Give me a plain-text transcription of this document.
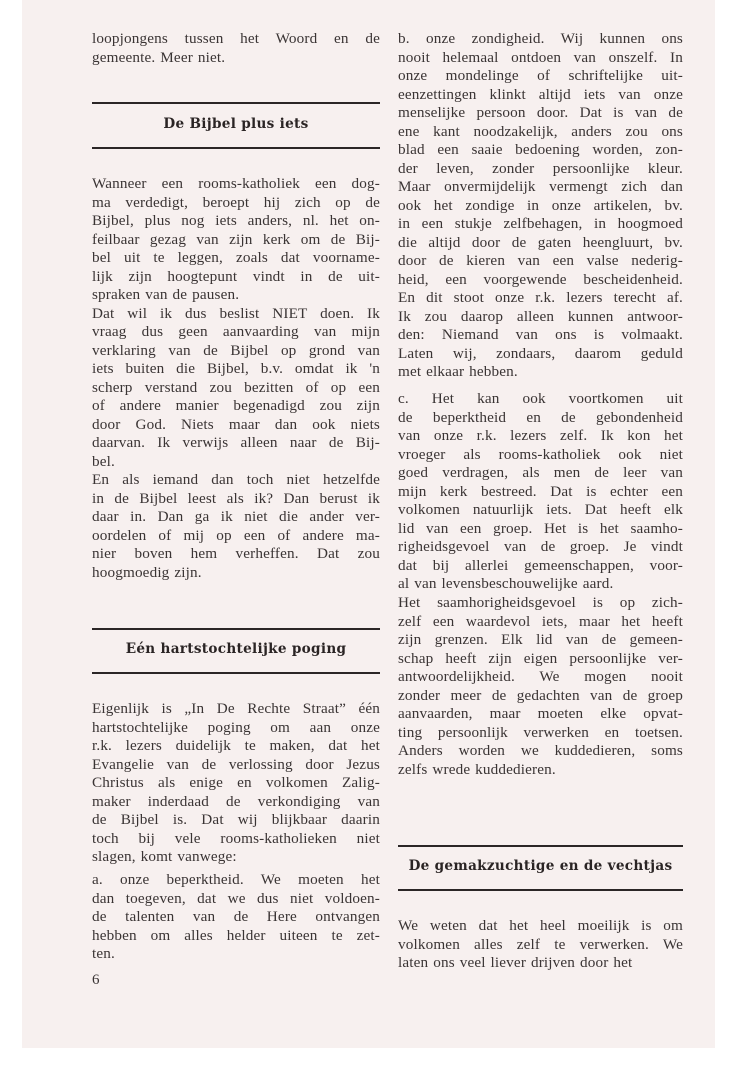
loopjongens tussen het Woord en de
gemeente. Meer niet.
De Bijbel plus iets
Wanneer een rooms-katholiek een dog-
ma verdedigt, beroept hij zich op de
Bijbel, plus nog iets anders, nl. het on-
feilbaar gezag van zijn kerk om de Bij-
bel uit te leggen, zoals dat voorname-
lijk zijn hoogtepunt vindt in de uit-
spraken van de pausen.
Dat wil ik dus beslist NIET doen. Ik
vraag dus geen aanvaarding van mijn
verklaring van de Bijbel op grond van
iets buiten die Bijbel, b.v. omdat ik 'n
scherp verstand zou bezitten of op een
of andere manier begenadigd zou zijn
door God. Niets maar dan ook niets
daarvan. Ik verwijs alleen naar de Bij-
bel.
En als iemand dan toch niet hetzelfde
in de Bijbel leest als ik? Dan berust ik
daar in. Dan ga ik niet die ander ver-
oordelen of mij op een of andere ma-
nier boven hem verheffen. Dat zou
hoogmoedig zijn.
Eén hartstochtelijke poging
Eigenlijk is „In De Rechte Straat” één
hartstochtelijke poging om aan onze
r.k. lezers duidelijk te maken, dat het
Evangelie van de verlossing door Jezus
Christus als enige en volkomen Zalig-
maker inderdaad de verkondiging van
de Bijbel is. Dat wij blijkbaar daarin
toch bij vele rooms-katholieken niet
slagen, komt vanwege:
a. onze beperktheid. We moeten het
dan toegeven, dat we dus niet voldoen-
de talenten van de Here ontvangen
hebben om alles helder uiteen te zet-
ten.
6
b. onze zondigheid. Wij kunnen ons
nooit helemaal ontdoen van onszelf. In
onze mondelinge of schriftelijke uit-
eenzettingen klinkt altijd iets van onze
menselijke persoon door. Dat is van de
ene kant noodzakelijk, anders zou ons
blad een saaie bedoening worden, zon-
der leven, zonder persoonlijke kleur.
Maar onvermijdelijk vermengt zich dan
ook het zondige in onze artikelen, bv.
in een stukje zelfbehagen, in hoogmoed
die altijd door de gaten heengluurt, bv.
door de kieren van een valse nederig-
heid, een voorgewende bescheidenheid.
En dit stoot onze r.k. lezers terecht af.
Ik zou daarop alleen kunnen antwoor-
den: Niemand van ons is volmaakt.
Laten wij, zondaars, daarom geduld
met elkaar hebben.
c. Het kan ook voortkomen uit
de beperktheid en de gebondenheid
van onze r.k. lezers zelf. Ik kon het
vroeger als rooms-katholiek ook niet
goed verdragen, als men de leer van
mijn kerk bestreed. Dat is echter een
volkomen natuurlijk iets. Dat heeft elk
lid van een groep. Het is het saamho-
righeidsgevoel van de groep. Je vindt
dat bij allerlei gemeenschappen, voor-
al van levensbeschouwelijke aard.
Het saamhorigheidsgevoel is op zich-
zelf een waardevol iets, maar het heeft
zijn grenzen. Elk lid van de gemeen-
schap heeft zijn eigen persoonlijke ver-
antwoordelijkheid. We mogen nooit
zonder meer de gedachten van de groep
aanvaarden, maar moeten elke opvat-
ting persoonlijk verwerken en toetsen.
Anders worden we kuddedieren, soms
zelfs wrede kuddedieren.
De gemakzuchtige en de vechtjas
We weten dat het heel moeilijk is om
volkomen alles zelf te verwerken. We
laten ons veel liever drijven door het
